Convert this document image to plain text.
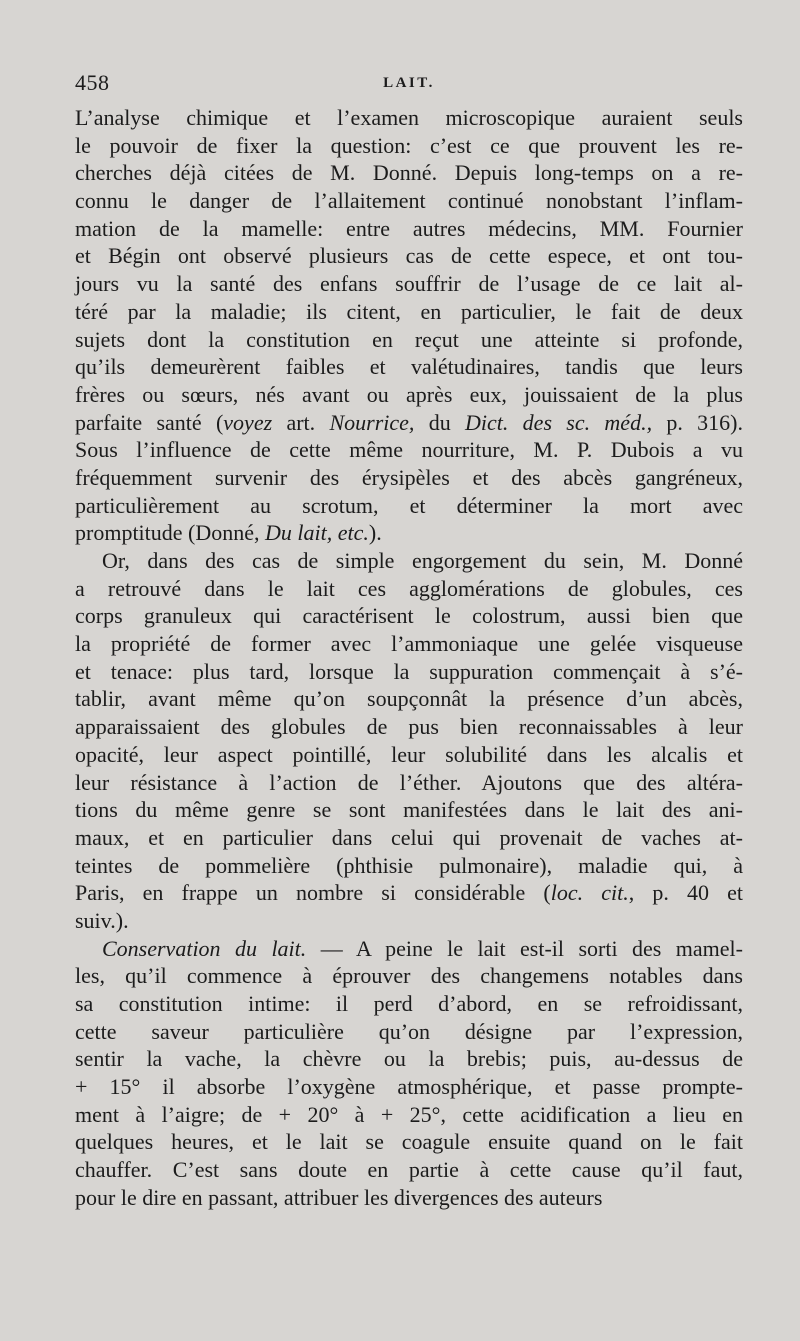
458	LAIT.
L’analyse chimique et l’examen microscopique auraient seuls
le pouvoir de fixer la question: c’est ce que prouvent les re-
cherches déjà citées de M. Donné. Depuis long-temps on a re-
connu le danger de l’allaitement continué nonobstant l’inflam-
mation de la mamelle: entre autres médecins, MM. Fournier
et Bégin ont observé plusieurs cas de cette espece, et ont tou-
jours vu la santé des enfans souffrir de l’usage de ce lait al-
téré par la maladie; ils citent, en particulier, le fait de deux
sujets dont la constitution en reçut une atteinte si profonde,
qu’ils demeurèrent faibles et valétudinaires, tandis que leurs
frères ou sœurs, nés avant ou après eux, jouissaient de la plus
parfaite santé (voyez art. Nourrice, du Dict. des sc. méd., p. 316).
Sous l’influence de cette même nourriture, M. P. Dubois a vu
fréquemment survenir des érysipèles et des abcès gangréneux,
particulièrement au scrotum, et déterminer la mort avec
promptitude (Donné, Du lait, etc.).
Or, dans des cas de simple engorgement du sein, M. Donné
a retrouvé dans le lait ces agglomérations de globules, ces
corps granuleux qui caractérisent le colostrum, aussi bien que
la propriété de former avec l’ammoniaque une gelée visqueuse
et tenace: plus tard, lorsque la suppuration commençait à s’é-
tablir, avant même qu’on soupçonnât la présence d’un abcès,
apparaissaient des globules de pus bien reconnaissables à leur
opacité, leur aspect pointillé, leur solubilité dans les alcalis et
leur résistance à l’action de l’éther. Ajoutons que des altéra-
tions du même genre se sont manifestées dans le lait des ani-
maux, et en particulier dans celui qui provenait de vaches at-
teintes de pommelière (phthisie pulmonaire), maladie qui, à
Paris, en frappe un nombre si considérable (loc. cit., p. 40 et
suiv.).
Conservation du lait. — A peine le lait est-il sorti des mamel-
les, qu’il commence à éprouver des changemens notables dans
sa constitution intime: il perd d’abord, en se refroidissant,
cette saveur particulière qu’on désigne par l’expression,
sentir la vache, la chèvre ou la brebis; puis, au-dessus de
+ 15° il absorbe l’oxygène atmosphérique, et passe prompte-
ment à l’aigre; de + 20° à + 25°, cette acidification a lieu en
quelques heures, et le lait se coagule ensuite quand on le fait
chauffer. C’est sans doute en partie à cette cause qu’il faut,
pour le dire en passant, attribuer les divergences des auteurs
